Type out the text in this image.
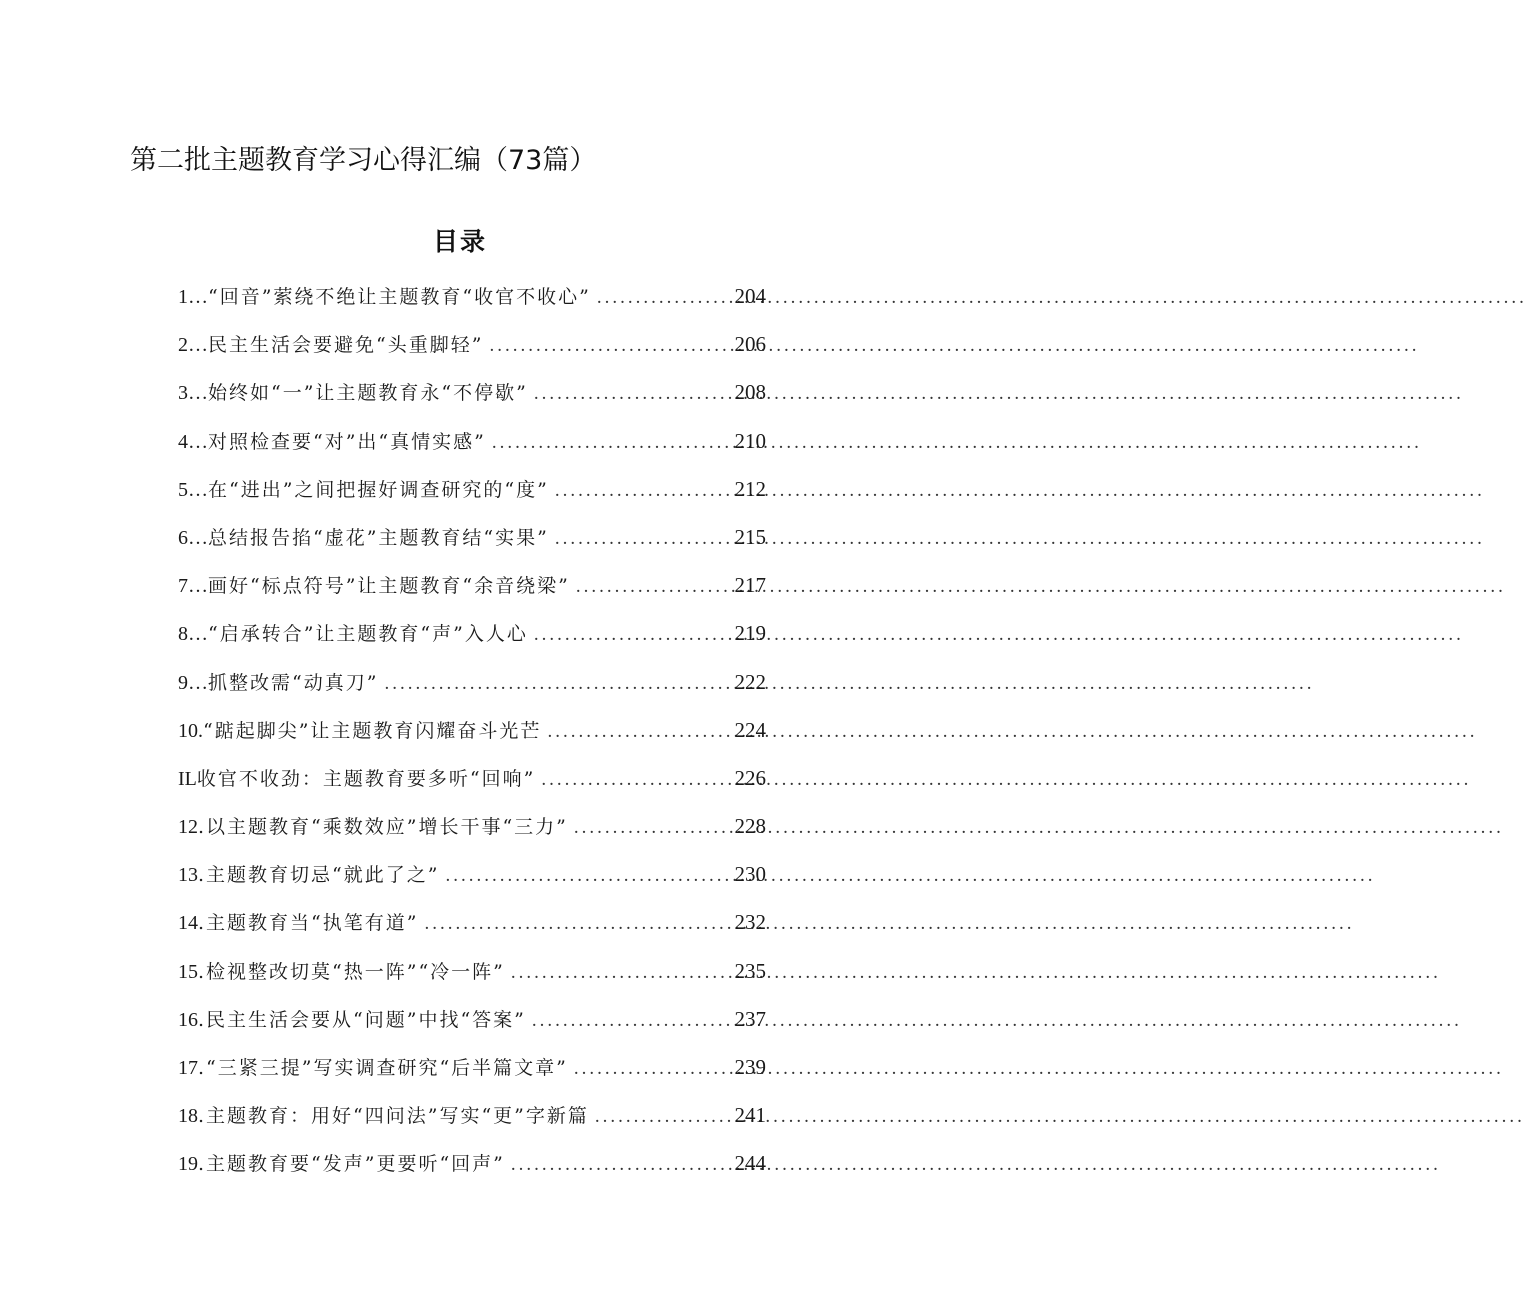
第二批主题教育学习心得汇编（73篇）
目录
1… “回音”萦绕不绝让主题教育“收官不收心” .....	204
2… 民主生活会要避免“头重脚轻” .....	206
3… 始终如“一”让主题教育永“不停歇” .....	208
4… 对照检查要“对”出“真情实感” .....	210
5… 在“进出”之间把握好调查研究的“度” .....	212
6… 总结报告掐“虚花”主题教育结“实果” .....	215
7… 画好“标点符号”让主题教育“余音绕梁” .....	217
8… “启承转合”让主题教育“声”入人心 .....	219
9… 抓整改需“动真刀” .....	222
10. “踮起脚尖”让主题教育闪耀奋斗光芒 .....	224
IL 收官不收劲：主题教育要多听“回响” .....	226
12 .以主题教育“乘数效应”增长干事“三力” .....	228
13 .主题教育切忌“就此了之” .....	230
14 .主题教育当“执笔有道” .....	232
15 .检视整改切莫“热一阵”“冷一阵” .....	235
16 .民主生活会要从“问题”中找“答案” .....	237
17 .“三紧三提”写实调查研究“后半篇文章” .....	239
18 .主题教育：用好“四问法”写实“更”字新篇 .....	241
19 .主题教育要“发声”更要听“回声” .....	244
